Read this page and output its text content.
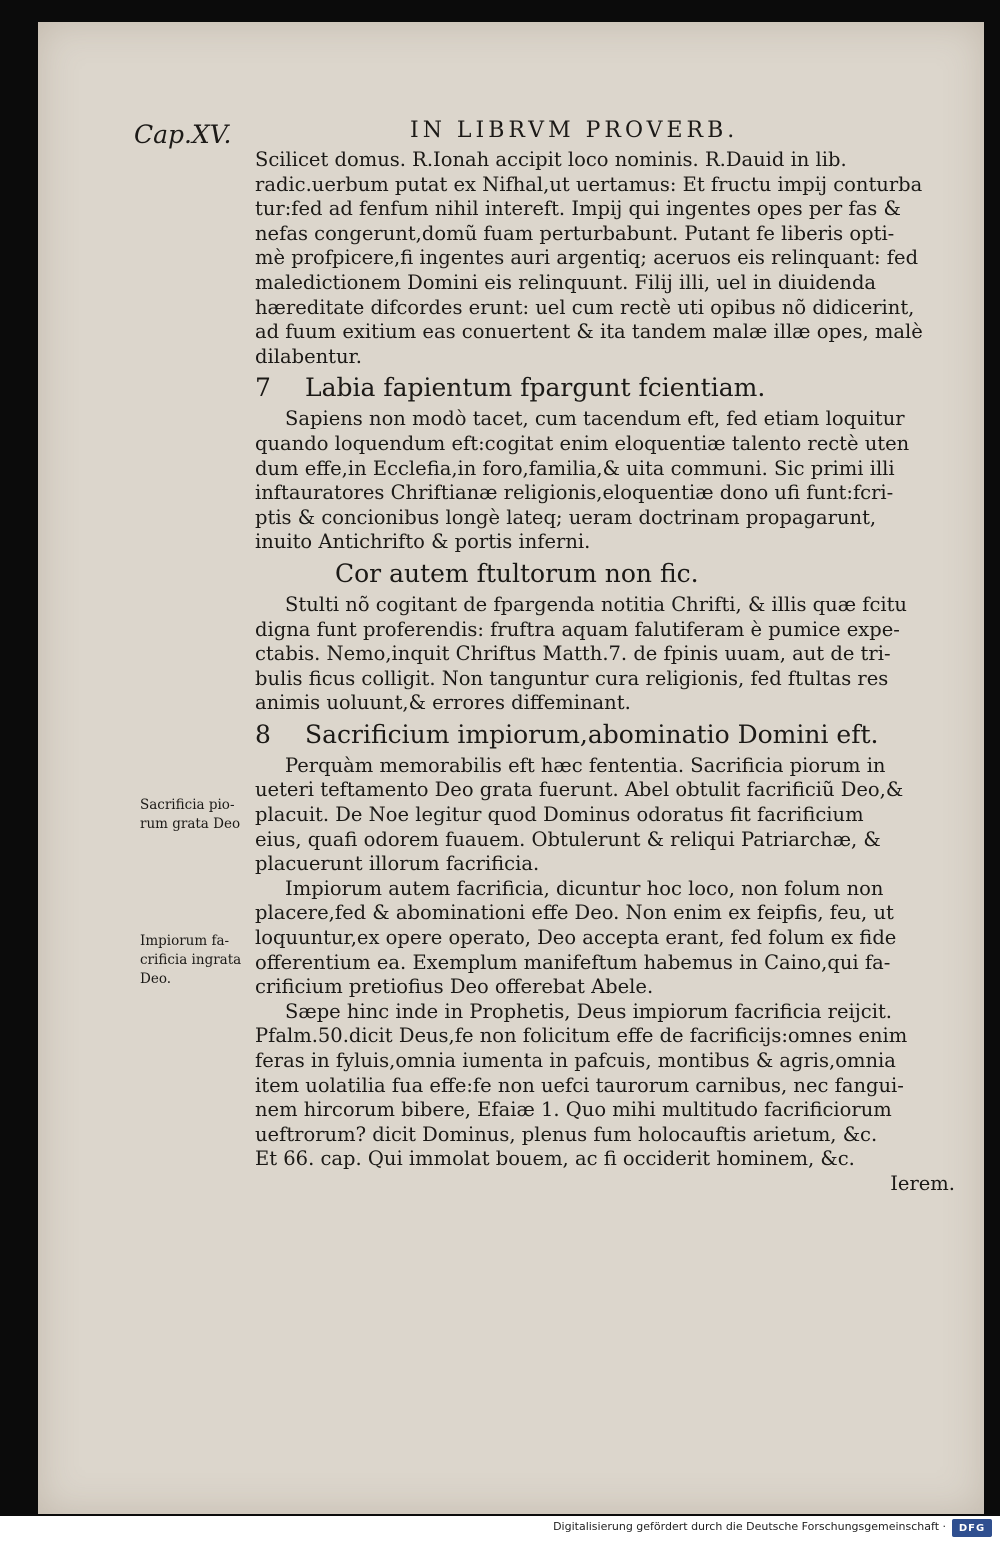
Cap.XV.	IN LIBRVM PROVERB.
Scilicet domus. R.Ionah accipit loco nominis. R.Dauid in lib.
radic.uerbum putat ex Nifhal,ut uertamus: Et fructu impij conturba
tur:fed ad fenfum nihil intereft. Impij qui ingentes opes per fas &
nefas congerunt,domũ fuam perturbabunt. Putant fe liberis opti-
mè profpicere,fi ingentes auri argentiq; aceruos eis relinquant: fed
maledictionem Domini eis relinquunt. Filij illi, uel in diuidenda
hæreditate difcordes erunt: uel cum rectè uti opibus nõ didicerint,
ad fuum exitium eas conuertent & ita tandem malæ illæ opes, malè
dilabentur.
7 Labia fapientum fpargunt fcientiam.
Sapiens non modò tacet, cum tacendum eft, fed etiam loquitur
quando loquendum eft:cogitat enim eloquentiæ talento rectè uten
dum effe,in Ecclefia,in foro,familia,& uita communi. Sic primi illi
inftauratores Chriftianæ religionis,eloquentiæ dono ufi funt:fcri-
ptis & concionibus longè lateq; ueram doctrinam propagarunt,
inuito Antichrifto & portis inferni.
Cor autem ftultorum non fic.
Stulti nõ cogitant de fpargenda notitia Chrifti, & illis quæ fcitu
digna funt proferendis: fruftra aquam falutiferam è pumice expe-
ctabis. Nemo,inquit Chriftus Matth.7. de fpinis uuam, aut de tri-
bulis ficus colligit. Non tanguntur cura religionis, fed ftultas res
animis uoluunt,& errores diffeminant.
8 Sacrificium impiorum,abominatio Domini eft.
Perquàm memorabilis eft hæc fententia. Sacrificia piorum in
ueteri teftamento Deo grata fuerunt. Abel obtulit facrificiũ Deo,&
placuit. De Noe legitur quod Dominus odoratus fit facrificium
eius, quafi odorem fuauem. Obtulerunt & reliqui Patriarchæ, &
placuerunt illorum facrificia.
Impiorum autem facrificia, dicuntur hoc loco, non folum non
placere,fed & abominationi effe Deo. Non enim ex feipfis, feu, ut
loquuntur,ex opere operato, Deo accepta erant, fed folum ex fide
offerentium ea. Exemplum manifeftum habemus in Caino,qui fa-
crificium pretiofius Deo offerebat Abele.
Sæpe hinc inde in Prophetis, Deus impiorum facrificia reijcit.
Pfalm.50.dicit Deus,fe non folicitum effe de facrificijs:omnes enim
feras in fyluis,omnia iumenta in pafcuis, montibus & agris,omnia
item uolatilia fua effe:fe non uefci taurorum carnibus, nec fangui-
nem hircorum bibere, Efaiæ 1. Quo mihi multitudo facrificiorum
ueftrorum? dicit Dominus, plenus fum holocauftis arietum, &c.
Et 66. cap. Qui immolat bouem, ac fi occiderit hominem, &c.
Ierem.
Sacrificia pio-
rum grata Deo
Impiorum fa-
crificia ingrata
Deo.
Digitalisierung gefördert durch die Deutsche Forschungsgemeinschaft ·	DFG
